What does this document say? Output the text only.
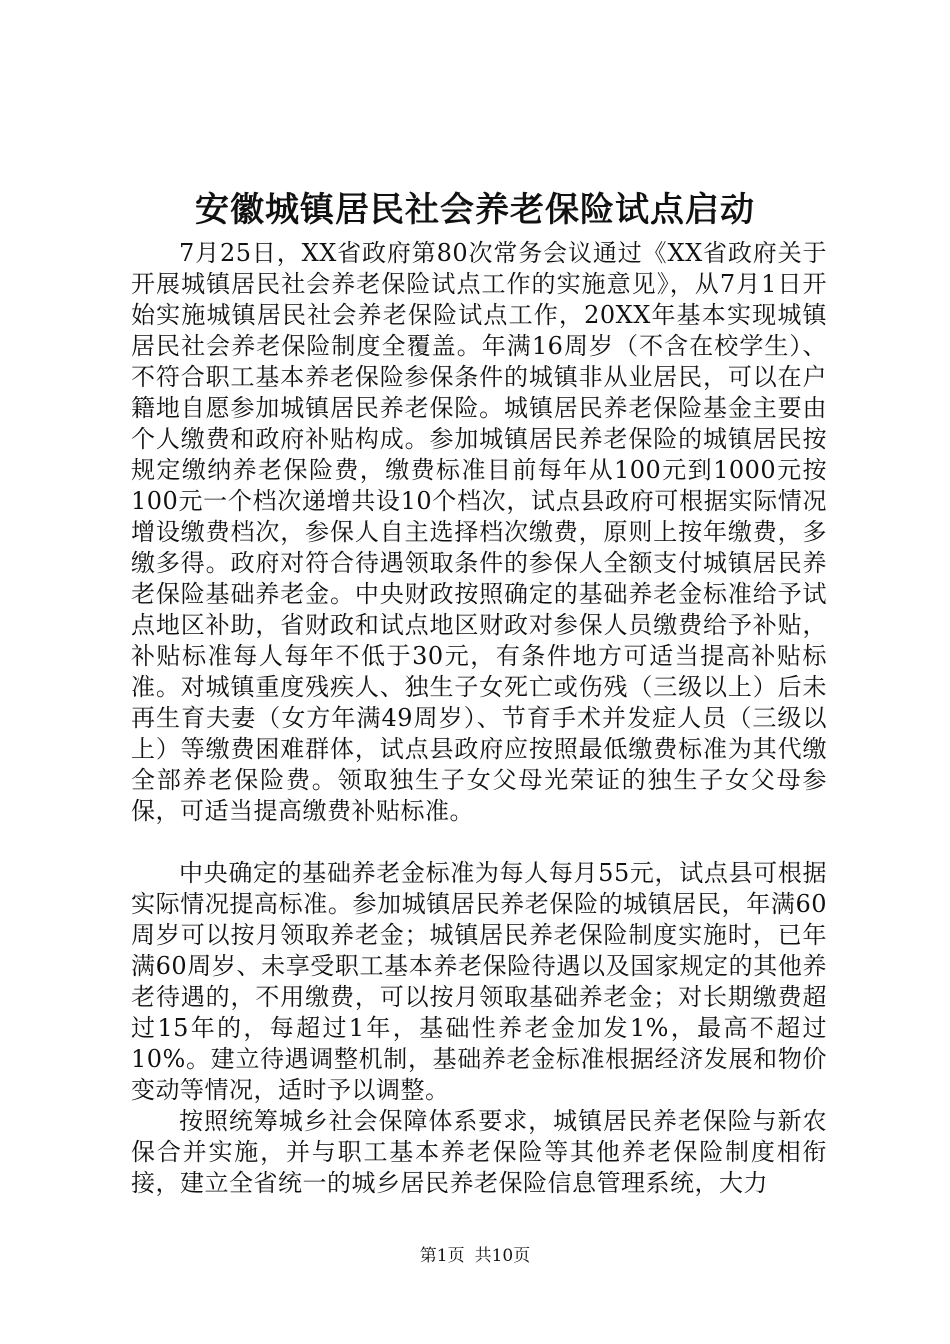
安徽城镇居民社会养老保险试点启动

7月25日，XX省政府第80次常务会议通过《XX省政府关于开展城镇居民社会养老保险试点工作的实施意见》，从7月1日开始实施城镇居民社会养老保险试点工作，20XX年基本实现城镇居民社会养老保险制度全覆盖。年满16周岁（不含在校学生）、不符合职工基本养老保险参保条件的城镇非从业居民，可以在户籍地自愿参加城镇居民养老保险。城镇居民养老保险基金主要由个人缴费和政府补贴构成。参加城镇居民养老保险的城镇居民按规定缴纳养老保险费，缴费标准目前每年从100元到1000元按100元一个档次递增共设10个档次，试点县政府可根据实际情况增设缴费档次，参保人自主选择档次缴费，原则上按年缴费，多缴多得。政府对符合待遇领取条件的参保人全额支付城镇居民养老保险基础养老金。中央财政按照确定的基础养老金标准给予试点地区补助，省财政和试点地区财政对参保人员缴费给予补贴，补贴标准每人每年不低于30元，有条件地方可适当提高补贴标准。对城镇重度残疾人、独生子女死亡或伤残（三级以上）后未再生育夫妻（女方年满49周岁）、节育手术并发症人员（三级以上）等缴费困难群体，试点县政府应按照最低缴费标准为其代缴全部养老保险费。领取独生子女父母光荣证的独生子女父母参保，可适当提高缴费补贴标准。

中央确定的基础养老金标准为每人每月55元，试点县可根据实际情况提高标准。参加城镇居民养老保险的城镇居民，年满60周岁可以按月领取养老金；城镇居民养老保险制度实施时，已年满60周岁、未享受职工基本养老保险待遇以及国家规定的其他养老待遇的，不用缴费，可以按月领取基础养老金；对长期缴费超过15年的，每超过1年，基础性养老金加发1%，最高不超过10%。建立待遇调整机制，基础养老金标准根据经济发展和物价变动等情况，适时予以调整。

按照统筹城乡社会保障体系要求，城镇居民养老保险与新农保合并实施，并与职工基本养老保险等其他养老保险制度相衔接，建立全省统一的城乡居民养老保险信息管理系统，大力

第1页 共10页
